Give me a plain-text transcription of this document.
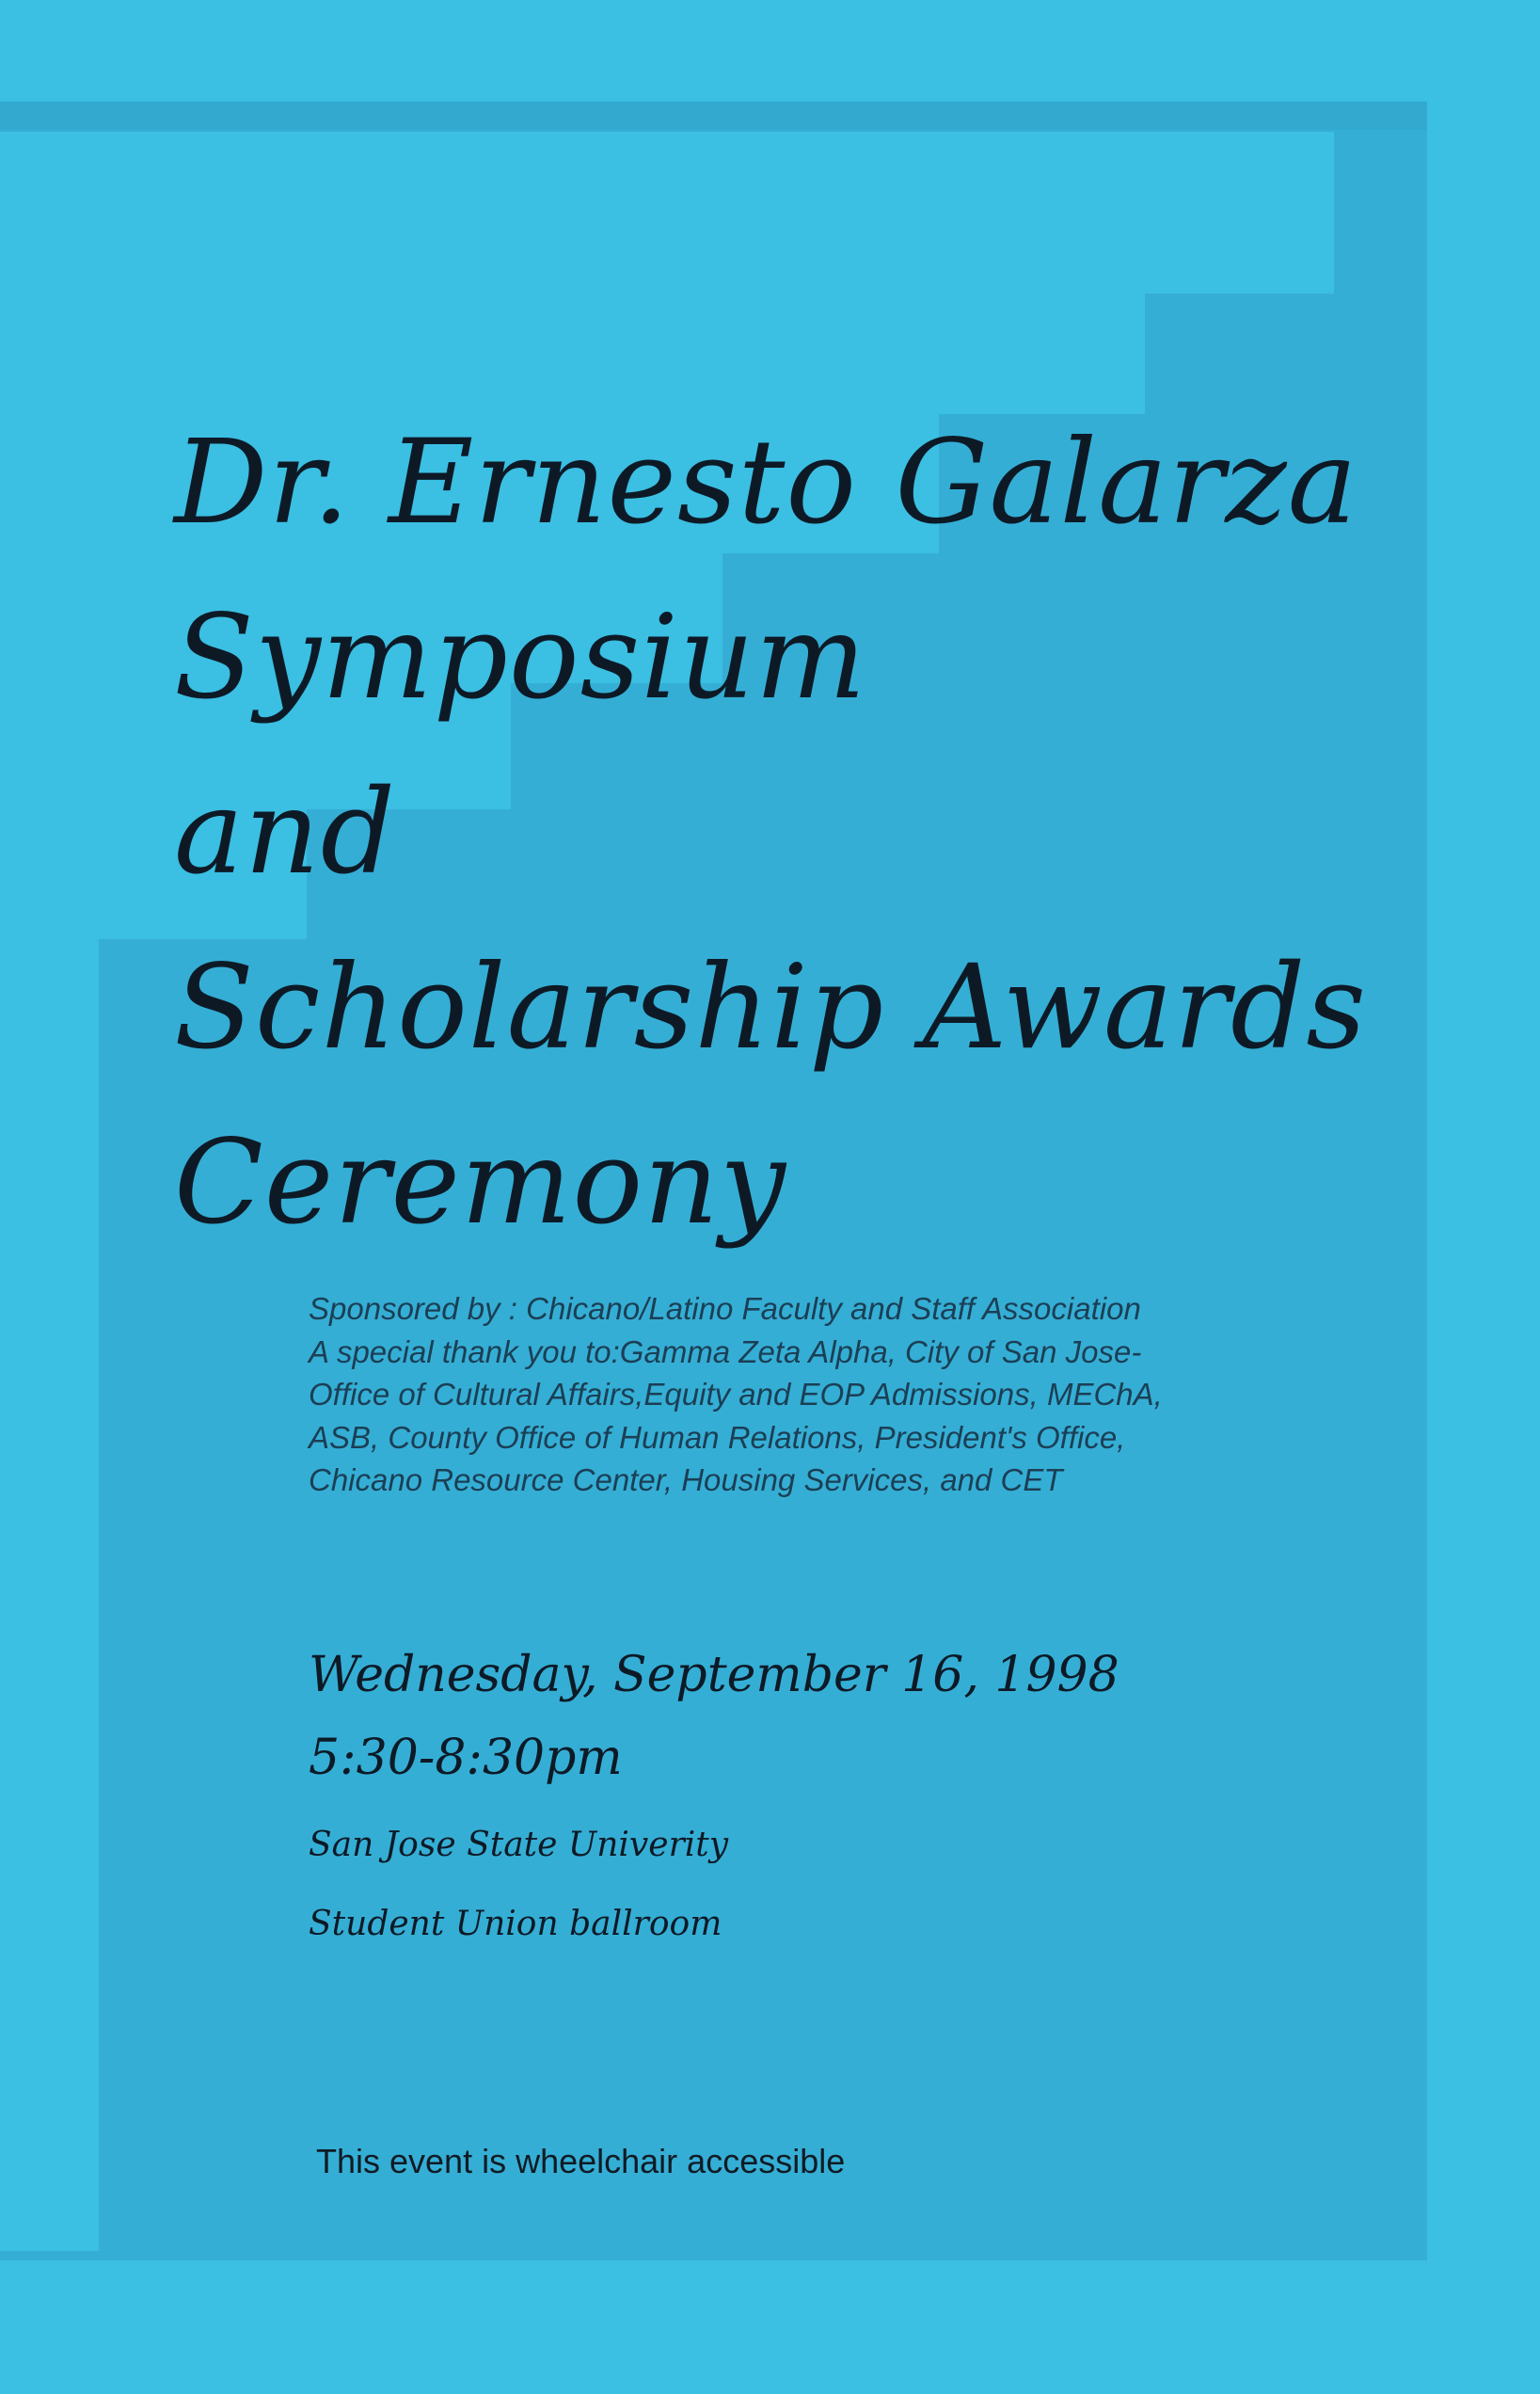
Dr. Ernesto Galarza
Symposium
and
Scholarship Awards
Ceremony
Sponsored by : Chicano/Latino Faculty and Staff Association
A special thank you to:Gamma Zeta Alpha, City of San Jose-
Office of Cultural Affairs,Equity and EOP Admissions, MEChA,
ASB, County Office of Human Relations, President's Office,
Chicano Resource Center, Housing Services, and CET
Wednesday, September 16, 1998
5:30-8:30pm
San Jose State Univerity
Student Union ballroom
This event is wheelchair accessible
